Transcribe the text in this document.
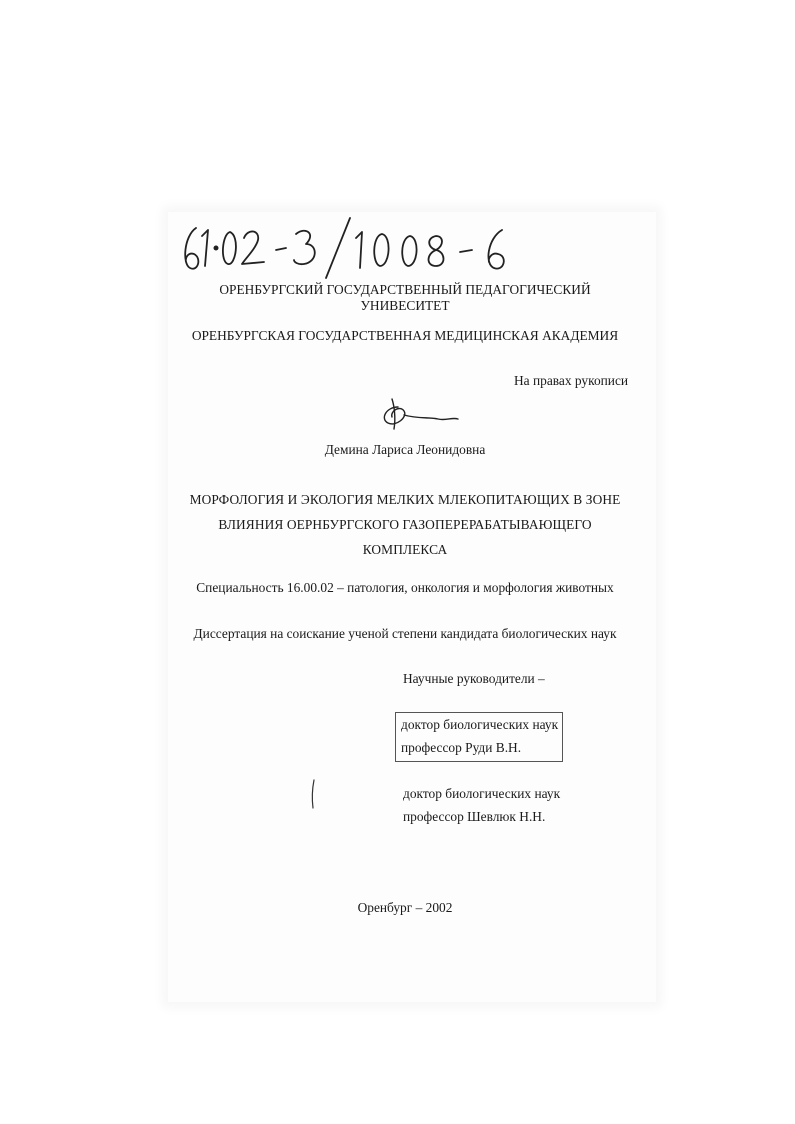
61 · 02 - 3 / 1008 - 6
ОРЕНБУРГСКИЙ ГОСУДАРСТВЕННЫЙ ПЕДАГОГИЧЕСКИЙ УНИВЕСИТЕТ
ОРЕНБУРГСКАЯ ГОСУДАРСТВЕННАЯ МЕДИЦИНСКАЯ АКАДЕМИЯ
На правах рукописи
Демина Лариса Леонидовна
МОРФОЛОГИЯ И ЭКОЛОГИЯ МЕЛКИХ МЛЕКОПИТАЮЩИХ В ЗОНЕ
ВЛИЯНИЯ ОЕРНБУРГСКОГО ГАЗОПЕРЕРАБАТЫВАЮЩЕГО
КОМПЛЕКСА
Специальность 16.00.02 – патология, онкология и морфология животных
Диссертация на соискание ученой степени кандидата биологических наук
Научные руководители –
доктор биологических наук
профессор Руди В.Н.
доктор биологических наук
профессор Шевлюк Н.Н.
Оренбург – 2002
